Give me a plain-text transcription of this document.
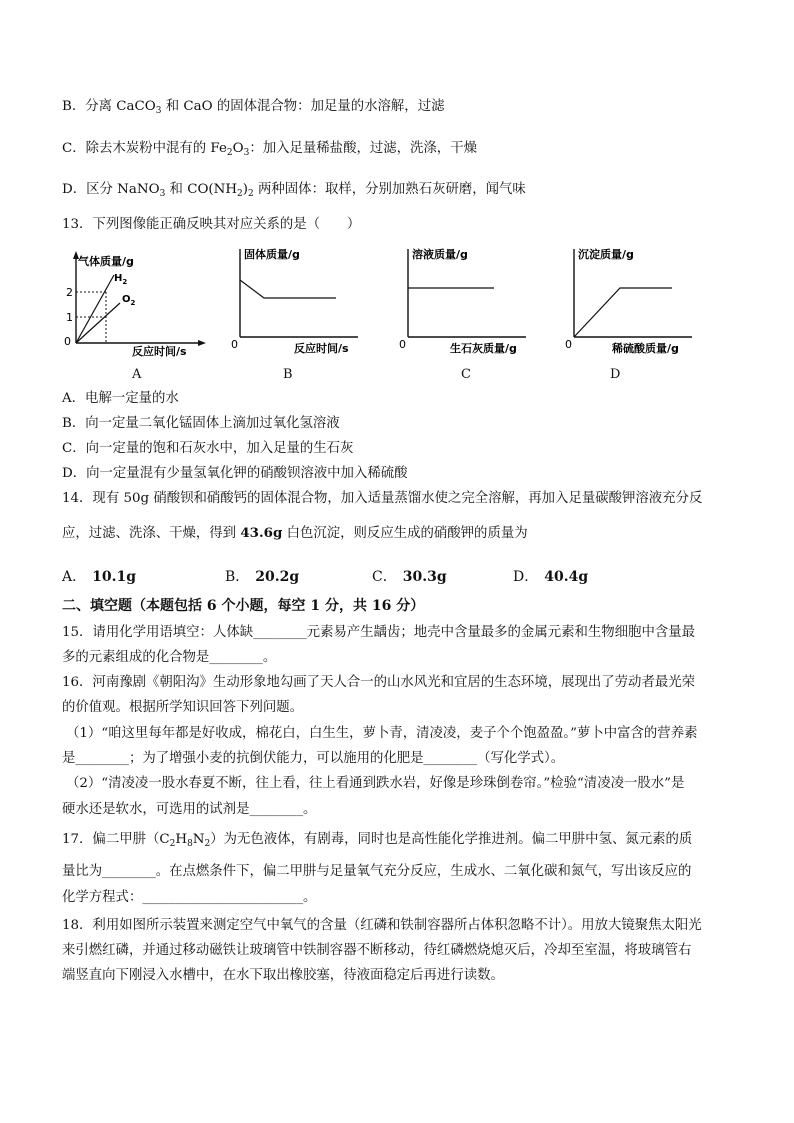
B．分离 CaCO$_3$ 和 CaO 的固体混合物：加足量的水溶解，过滤
C．除去木炭粉中混有的 $Fe_2O_3$：加入足量稀盐酸，过滤，洗涤，干燥
D．区分 NaNO$_3$ 和 $CO(NH_2)_2$ 两种固体：取样，分别加熟石灰研磨，闻气味
13．下列图像能正确反映其对应关系的是（　　）
气体质量/g
反应时间/s
0
2
1
$H_2$
$O_2$
A
固体质量/g
反应时间/s
0
B
溶液质量/g
生石灰质量/g
0
C
沉淀质量/g
稀硫酸质量/g
0
D
A．电解一定量的水
B．向一定量二氧化锰固体上滴加过氧化氢溶液
C．向一定量的饱和石灰水中，加入足量的生石灰
D．向一定量混有少量氢氧化钾的硝酸钡溶液中加入稀硫酸
14．现有 50g 硝酸钡和硝酸钙的固体混合物，加入适量蒸馏水使之完全溶解，再加入足量碳酸钾溶液充分反
应，过滤、洗涤、干燥，得到 43.6g 白色沉淀，则反应生成的硝酸钾的质量为
A． 10.1g	B． 20.2g	C． 30.3g	D． 40.4g
二、填空题（本题包括 6 个小题，每空 1 分，共 16 分）
15．请用化学用语填空：人体缺________元素易产生龋齿；地壳中含量最多的金属元素和生物细胞中含量最
多的元素组成的化合物是________。
16．河南豫剧《朝阳沟》生动形象地勾画了天人合一的山水风光和宜居的生态环境，展现出了劳动者最光荣
的价值观。根据所学知识回答下列问题。
（1）“咱这里每年都是好收成，棉花白，白生生，萝卜青，清凌凌，麦子个个饱盈盈。”萝卜中富含的营养素
是________；为了增强小麦的抗倒伏能力，可以施用的化肥是________（写化学式）。
（2）“清凌凌一股水春夏不断，往上看，往上看通到跌水岩，好像是珍珠倒卷帘。”检验“清凌凌一股水”是
硬水还是软水，可选用的试剂是________。
17．偏二甲肼$(C_2H_8N_2)$为无色液体，有剧毒，同时也是高性能化学推进剂。偏二甲肼中氢、氮元素的质
量比为________。在点燃条件下，偏二甲肼与足量氧气充分反应，生成水、二氧化碳和氮气，写出该反应的
化学方程式：________________________。
18．利用如图所示装置来测定空气中氧气的含量（红磷和铁制容器所占体积忽略不计）。用放大镜聚焦太阳光
来引燃红磷，并通过移动磁铁让玻璃管中铁制容器不断移动，待红磷燃烧熄灭后，冷却至室温，将玻璃管右
端竖直向下刚浸入水槽中，在水下取出橡胶塞，待液面稳定后再进行读数。
